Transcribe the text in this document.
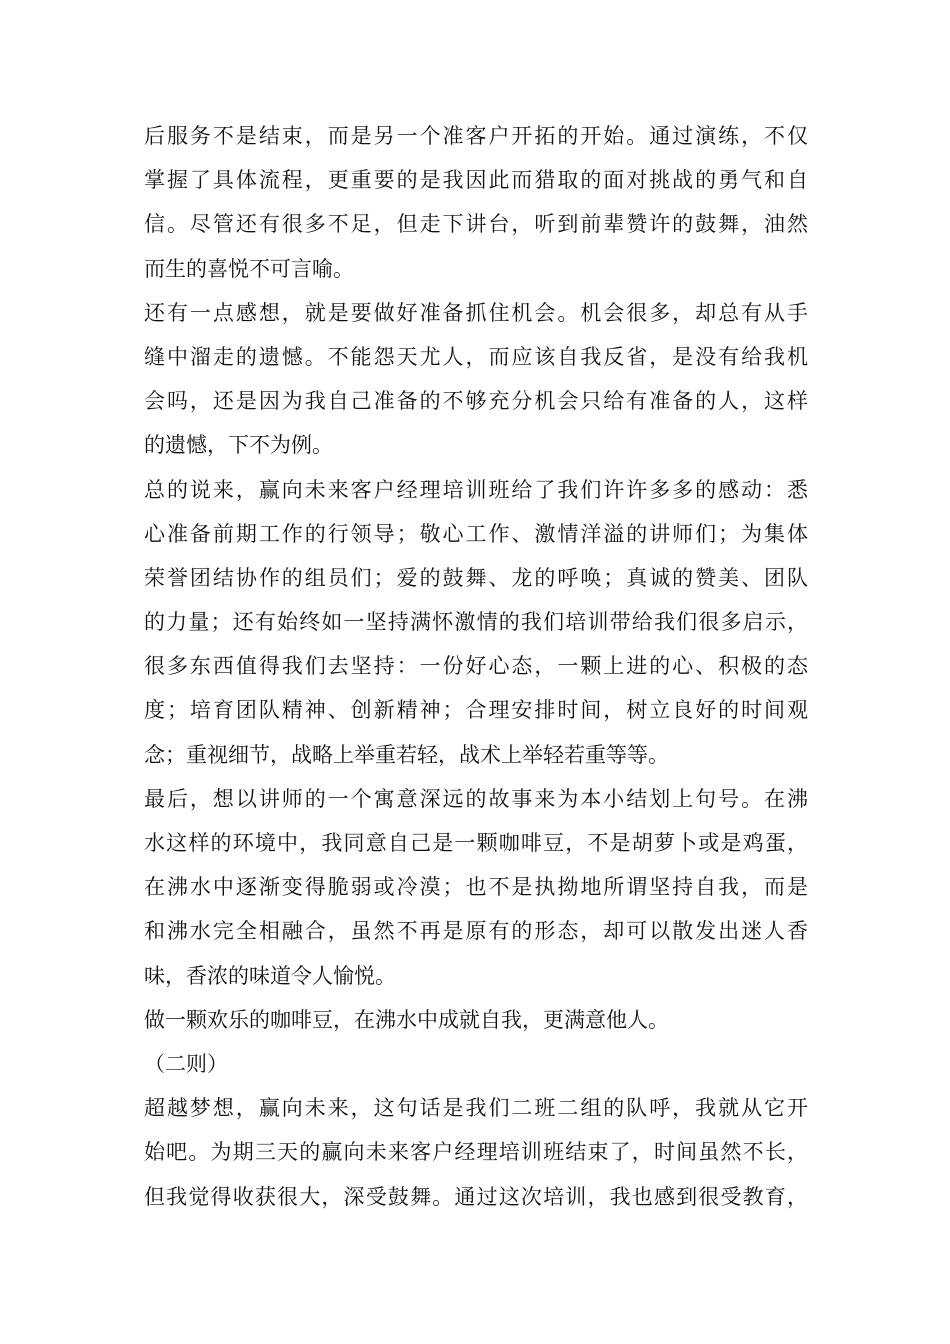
后服务不是结束，而是另一个准客户开拓的开始。通过演练，不仅
掌握了具体流程，更重要的是我因此而猎取的面对挑战的勇气和自
信。尽管还有很多不足，但走下讲台，听到前辈赞许的鼓舞，油然
而生的喜悦不可言喻。
还有一点感想，就是要做好准备抓住机会。机会很多，却总有从手
缝中溜走的遗憾。不能怨天尤人，而应该自我反省，是没有给我机
会吗，还是因为我自己准备的不够充分机会只给有准备的人，这样
的遗憾，下不为例。
总的说来，赢向未来客户经理培训班给了我们许许多多的感动：悉
心准备前期工作的行领导；敬心工作、激情洋溢的讲师们；为集体
荣誉团结协作的组员们；爱的鼓舞、龙的呼唤；真诚的赞美、团队
的力量；还有始终如一坚持满怀激情的我们培训带给我们很多启示，
很多东西值得我们去坚持：一份好心态，一颗上进的心、积极的态
度；培育团队精神、创新精神；合理安排时间，树立良好的时间观
念；重视细节，战略上举重若轻，战术上举轻若重等等。
最后，想以讲师的一个寓意深远的故事来为本小结划上句号。在沸
水这样的环境中，我同意自己是一颗咖啡豆，不是胡萝卜或是鸡蛋，
在沸水中逐渐变得脆弱或冷漠；也不是执拗地所谓坚持自我，而是
和沸水完全相融合，虽然不再是原有的形态，却可以散发出迷人香
味，香浓的味道令人愉悦。
做一颗欢乐的咖啡豆，在沸水中成就自我，更满意他人。
（二则）
超越梦想，赢向未来，这句话是我们二班二组的队呼，我就从它开
始吧。为期三天的赢向未来客户经理培训班结束了，时间虽然不长，
但我觉得收获很大，深受鼓舞。通过这次培训，我也感到很受教育，
